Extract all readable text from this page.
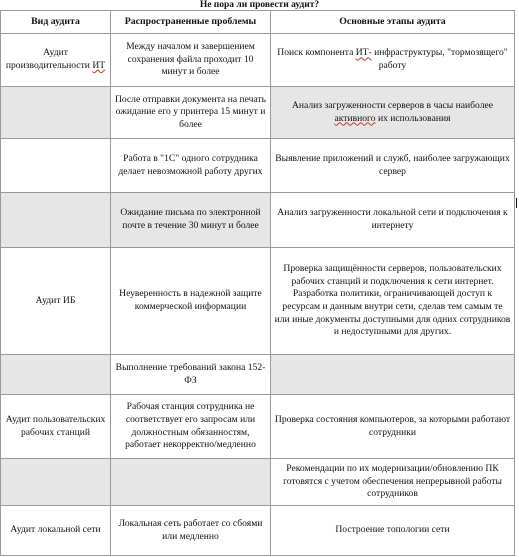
Не пора ли провести аудит?
Вид аудита	Распространенные проблемы	Основные этапы аудита
Аудит производительности ИТ	Между началом и завершением сохранения файла проходит 10 минут и более	Поиск компонента ИТ- инфраструктуры, "тормозящего" работу
	После отправки документа на печать ожидание его у принтера 15 минут и более	Анализ загруженности серверов в часы наиболее активного их использования
	Работа в "1С" одного сотрудника делает невозможной работу других	Выявление приложений и служб, наиболее загружающих сервер
	Ожидание письма по электронной почте в течение 30 минут и более	Анализ загруженности локальной сети и подключения к интернету
Аудит ИБ	Неуверенность в надежной защите коммерческой информации	Проверка защищённости серверов, пользовательских рабочих станций и подключения к сети интернет. Разработка политики, ограничивающей доступ к ресурсам и данным внутри сети, сделав тем самым те или иные документы доступными для одних сотрудников и недоступными для других.
	Выполнение требований закона 152-ФЗ	
Аудит пользовательских рабочих станций	Рабочая станция сотрудника не соответствует его запросам или должностным обязанностям, работает некорректно/медленно	Проверка состояния компьютеров, за которыми работают сотрудники
		Рекомендации по их модернизации/обновлению ПК готовятся с учетом обеспечения непрерывной работы сотрудников
Аудит локальной сети	Локальная сеть работает со сбоями или медленно	Построение топологии сети
